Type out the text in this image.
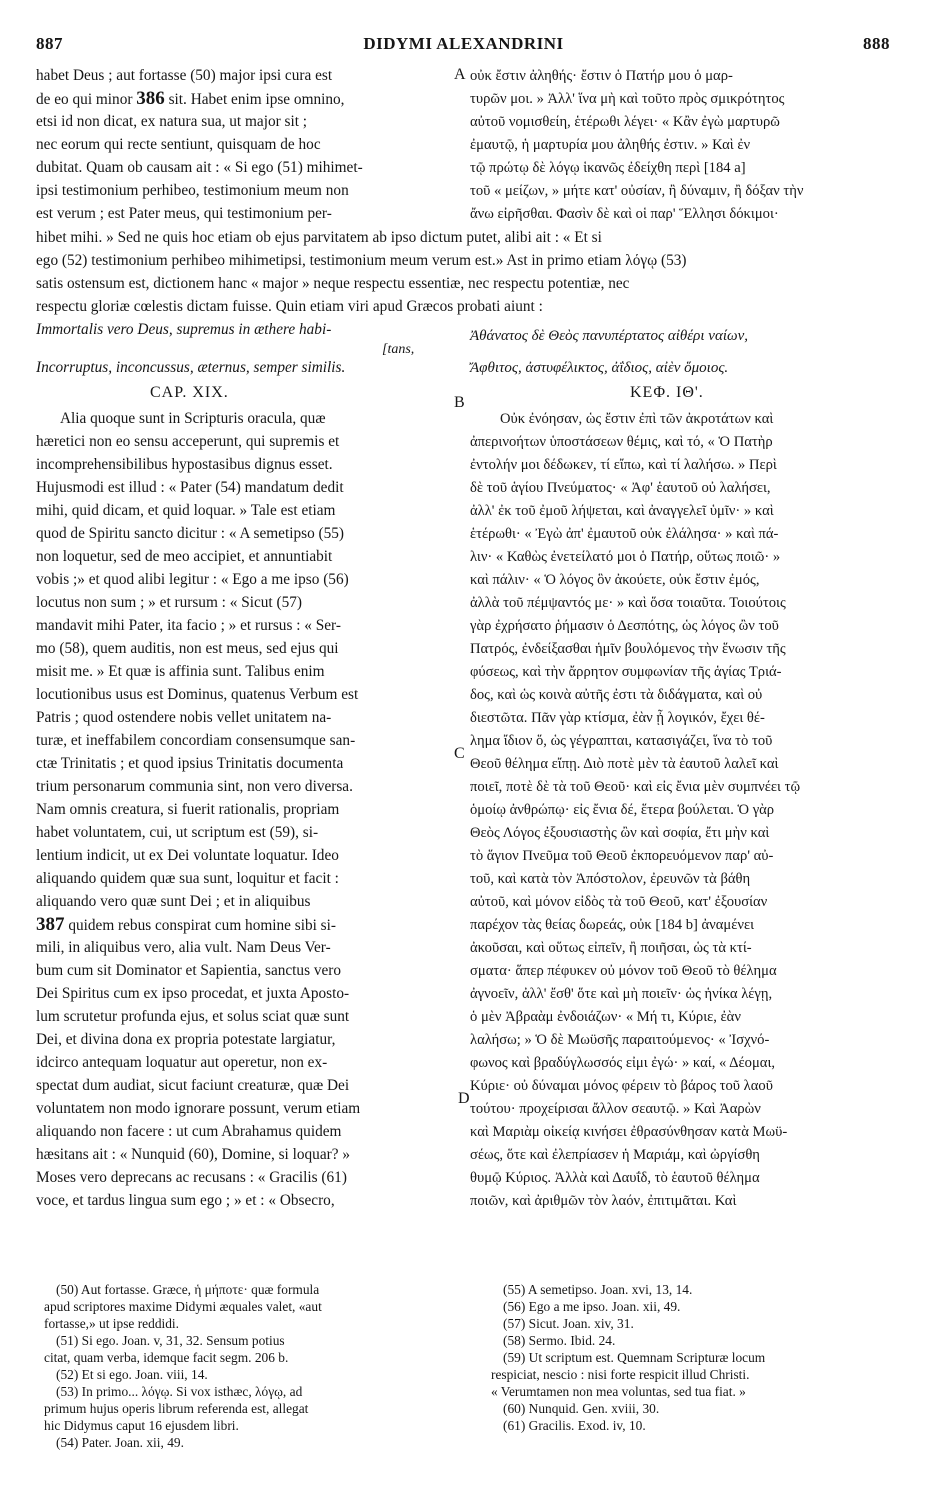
887	DIDYMI ALEXANDRINI	888
habet Deus ; aut fortasse (50) major ipsi cura est
de eo qui minor 386 sit. Habet enim ipse omnino,
etsi id non dicat, ex natura sua, ut major sit ;
nec eorum qui recte sentiunt, quisquam de hoc
dubitat. Quam ob causam ait : « Si ego (51) mihimet-
ipsi testimonium perhibeo, testimonium meum non
est verum ; est Pater meus, qui testimonium per-
A οὐκ ἔστιν ἀληθής· ἔστιν ὁ Πατήρ μου ὁ μαρ-
τυρῶν μοι. » Ἀλλ' ἵνα μὴ καὶ τοῦτο πρὸς σμικρότητος
αὐτοῦ νομισθείη, ἑτέρωθι λέγει· « Κἂν ἐγὼ μαρτυρῶ
ἐμαυτῷ, ἡ μαρτυρία μου ἀληθής ἐστιν. » Καὶ ἐν
τῷ πρώτῳ δὲ λόγῳ ἱκανῶς ἐδείχθη περὶ [184 a]
τοῦ « μείζων, » μήτε κατ' οὐσίαν, ἢ δύναμιν, ἢ δόξαν τὴν
ἄνω εἰρῆσθαι. Φασὶν δὲ καὶ οἱ παρ' Ἕλλησι δόκιμοι·
hibet mihi. » Sed ne quis hoc etiam ob ejus parvitatem ab ipso dictum putet, alibi ait : « Et si
ego (52) testimonium perhibeo mihimetipsi, testimonium meum verum est.» Ast in primo etiam λόγῳ (53)
satis ostensum est, dictionem hanc « major » neque respectu essentiæ, nec respectu potentiæ, nec
respectu gloriæ cœlestis dictam fuisse. Quin etiam viri apud Græcos probati aiunt :
Immortalis vero Deus, supremus in æthere habi-
[tans,
Incorruptus, inconcussus, æternus, semper similis.
Ἀθάνατος δὲ Θεὸς πανυπέρτατος αἰθέρι ναίων,
Ἄφθιτος, ἀστυφέλικτος, ἀΐδιος, αἰὲν ὅμοιος.
CAP. XIX.	ΚΕΦ. ΙΘ'.
B
Alia quoque sunt in Scripturis oracula, quæ
hæretici non eo sensu acceperunt, qui supremis et
incomprehensibilibus hypostasibus dignus esset.
Hujusmodi est illud : « Pater (54) mandatum dedit
mihi, quid dicam, et quid loquar. » Tale est etiam
quod de Spiritu sancto dicitur : « A semetipso (55)
non loquetur, sed de meo accipiet, et annuntiabit
vobis ;» et quod alibi legitur : « Ego a me ipso (56)
locutus non sum ; » et rursum : « Sicut (57)
mandavit mihi Pater, ita facio ; » et rursus : « Ser-
mo (58), quem auditis, non est meus, sed ejus qui
misit me. » Et quæ is affinia sunt. Talibus enim
locutionibus usus est Dominus, quatenus Verbum est
Patris ; quod ostendere nobis vellet unitatem na-
turæ, et ineffabilem concordiam consensumque san-
ctæ Trinitatis ; et quod ipsius Trinitatis documenta
trium personarum communia sint, non vero diversa.
Nam omnis creatura, si fuerit rationalis, propriam
habet voluntatem, cui, ut scriptum est (59), si-
lentium indicit, ut ex Dei voluntate loquatur. Ideo
aliquando quidem quæ sua sunt, loquitur et facit :
aliquando vero quæ sunt Dei ; et in aliquibus
387 quidem rebus conspirat cum homine sibi si-
mili, in aliquibus vero, alia vult. Nam Deus Ver-
bum cum sit Dominator et Sapientia, sanctus vero
Dei Spiritus cum ex ipso procedat, et juxta Aposto-
lum scrutetur profunda ejus, et solus sciat quæ sunt
Dei, et divina dona ex propria potestate largiatur,
idcirco antequam loquatur aut operetur, non ex-
spectat dum audiat, sicut faciunt creaturæ, quæ Dei
voluntatem non modo ignorare possunt, verum etiam
aliquando non facere : ut cum Abrahamus quidem
hæsitans ait : « Nunquid (60), Domine, si loquar? »
Moses vero deprecans ac recusans : « Gracilis (61)
voce, et tardus lingua sum ego ; » et : « Obsecro,
C
D
Οὐκ ἐνόησαν, ὡς ἔστιν ἐπὶ τῶν ἀκροτάτων καὶ
ἀπερινοήτων ὑποστάσεων θέμις, καὶ τό, « Ὁ Πατὴρ
ἐντολήν μοι δέδωκεν, τί εἴπω, καὶ τί λαλήσω. » Περὶ
δὲ τοῦ ἁγίου Πνεύματος· « Ἀφ' ἑαυτοῦ οὐ λαλήσει,
ἀλλ' ἐκ τοῦ ἐμοῦ λήψεται, καὶ ἀναγγελεῖ ὑμῖν· » καὶ
ἑτέρωθι· « Ἐγὼ ἀπ' ἐμαυτοῦ οὐκ ἐλάλησα· » καὶ πά-
λιν· « Καθὼς ἐνετείλατό μοι ὁ Πατήρ, οὕτως ποιῶ· »
καὶ πάλιν· « Ὁ λόγος ὃν ἀκούετε, οὐκ ἔστιν ἐμός,
ἀλλὰ τοῦ πέμψαντός με· » καὶ ὅσα τοιαῦτα. Τοιούτοις
γὰρ ἐχρήσατο ῥήμασιν ὁ Δεσπότης, ὡς λόγος ὢν τοῦ
Πατρός, ἐνδείξασθαι ἡμῖν βουλόμενος τὴν ἕνωσιν τῆς
φύσεως, καὶ τὴν ἄρρητον συμφωνίαν τῆς ἁγίας Τριά-
δος, καὶ ὡς κοινὰ αὐτῆς ἐστι τὰ διδάγματα, καὶ οὐ
διεστῶτα. Πᾶν γὰρ κτίσμα, ἐὰν ᾖ λογικόν, ἔχει θέ-
λημα ἴδιον ὅ, ὡς γέγραπται, κατασιγάζει, ἵνα τὸ τοῦ
Θεοῦ θέλημα εἴπῃ. Διὸ ποτὲ μὲν τὰ ἑαυτοῦ λαλεῖ καὶ
ποιεῖ, ποτὲ δὲ τὰ τοῦ Θεοῦ· καὶ εἰς ἔνια μὲν συμπνέει τῷ
ὁμοίῳ ἀνθρώπῳ· εἰς ἔνια δέ, ἕτερα βούλεται. Ὁ γὰρ
Θεὸς Λόγος ἐξουσιαστὴς ὢν καὶ σοφία, ἔτι μὴν καὶ
τὸ ἅγιον Πνεῦμα τοῦ Θεοῦ ἐκπορευόμενον παρ' αὐ-
τοῦ, καὶ κατὰ τὸν Ἀπόστολον, ἐρευνῶν τὰ βάθη
αὐτοῦ, καὶ μόνον εἰδὸς τὰ τοῦ Θεοῦ, κατ' ἐξουσίαν
παρέχον τὰς θείας δωρεάς, οὐκ [184 b] ἀναμένει
ἀκοῦσαι, καὶ οὕτως εἰπεῖν, ἢ ποιῆσαι, ὡς τὰ κτί-
σματα· ἅπερ πέφυκεν οὐ μόνον τοῦ Θεοῦ τὸ θέλημα
ἀγνοεῖν, ἀλλ' ἔσθ' ὅτε καὶ μὴ ποιεῖν· ὡς ἡνίκα λέγῃ,
ὁ μὲν Ἀβραὰμ ἐνδοιάζων· « Μή τι, Κύριε, ἐὰν
λαλήσω; » Ὁ δὲ Μωϋσῆς παραιτούμενος· « Ἰσχνό-
φωνος καὶ βραδύγλωσσός εἰμι ἐγώ· » καί, « Δέομαι,
Κύριε· οὐ δύναμαι μόνος φέρειν τὸ βάρος τοῦ λαοῦ
τούτου· προχείρισαι ἄλλον σεαυτῷ. » Καὶ Ἀαρὼν
καὶ Μαριὰμ οἰκείᾳ κινήσει ἐθρασύνθησαν κατὰ Μωϋ-
σέως, ὅτε καὶ ἐλεπρίασεν ἡ Μαριάμ, καὶ ὠργίσθη
θυμῷ Κύριος. Ἀλλὰ καὶ Δαυΐδ, τὸ ἑαυτοῦ θέλημα
ποιῶν, καὶ ἀριθμῶν τὸν λαόν, ἐπιτιμᾶται. Καὶ
(50) Aut fortasse. Græce, ἡ μήποτε· quæ formula
apud scriptores maxime Didymi æquales valet, «aut
fortasse,» ut ipse reddidi.
(51) Si ego. Joan. v, 31, 32. Sensum potius
citat, quam verba, idemque facit segm. 206 b.
(52) Et si ego. Joan. viii, 14.
(53) In primo... λόγῳ. Si vox isthæc, λόγῳ, ad
primum hujus operis librum referenda est, allegat
hic Didymus caput 16 ejusdem libri.
(54) Pater. Joan. xii, 49.
(55) A semetipso. Joan. xvi, 13, 14.
(56) Ego a me ipso. Joan. xii, 49.
(57) Sicut. Joan. xiv, 31.
(58) Sermo. Ibid. 24.
(59) Ut scriptum est. Quemnam Scripturæ locum
respiciat, nescio : nisi forte respicit illud Christi.
« Verumtamen non mea voluntas, sed tua fiat. »
(60) Nunquid. Gen. xviii, 30.
(61) Gracilis. Exod. iv, 10.
